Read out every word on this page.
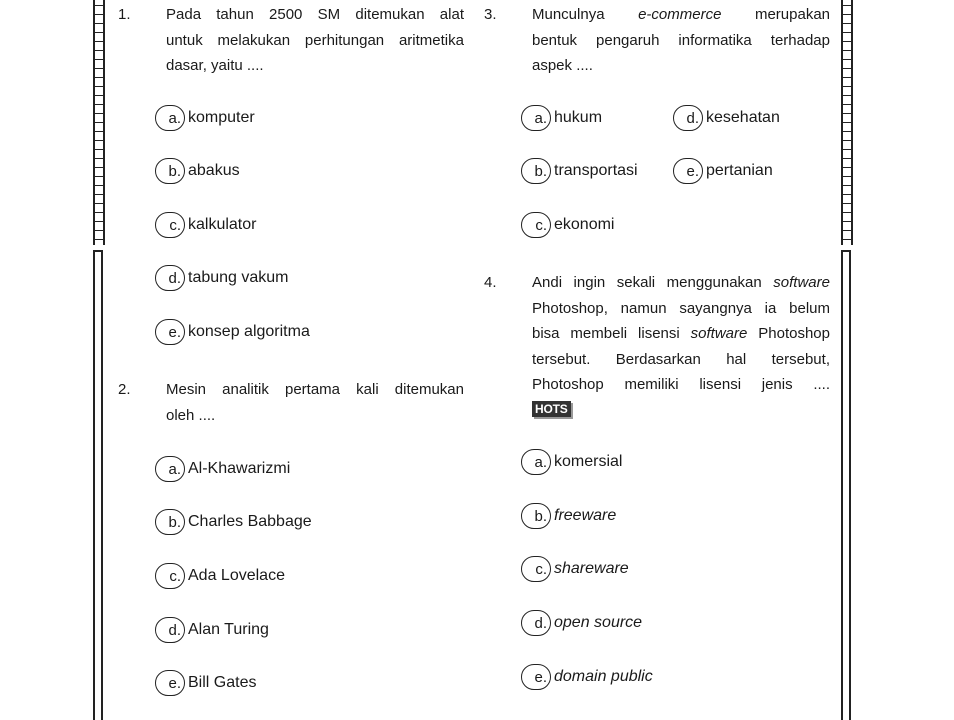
1. Pada tahun 2500 SM ditemukan alat
untuk melakukan perhitungan aritmetika
dasar, yaitu ....
a. komputer
b. abakus
c. kalkulator
d. tabung vakum
e. konsep algoritma
2. Mesin analitik pertama kali ditemukan
oleh ....
a. Al-Khawarizmi
b. Charles Babbage
c. Ada Lovelace
d. Alan Turing
e. Bill Gates
3. Munculnya e-commerce merupakan
bentuk pengaruh informatika terhadap
aspek ....
a. hukum
b. transportasi
c. ekonomi
d. kesehatan
e. pertanian
4. Andi ingin sekali menggunakan software
Photoshop, namun sayangnya ia belum
bisa membeli lisensi software Photoshop
tersebut. Berdasarkan hal tersebut,
Photoshop memiliki lisensi jenis ....
HOTS
a. komersial
b. freeware
c. shareware
d. open source
e. domain public
